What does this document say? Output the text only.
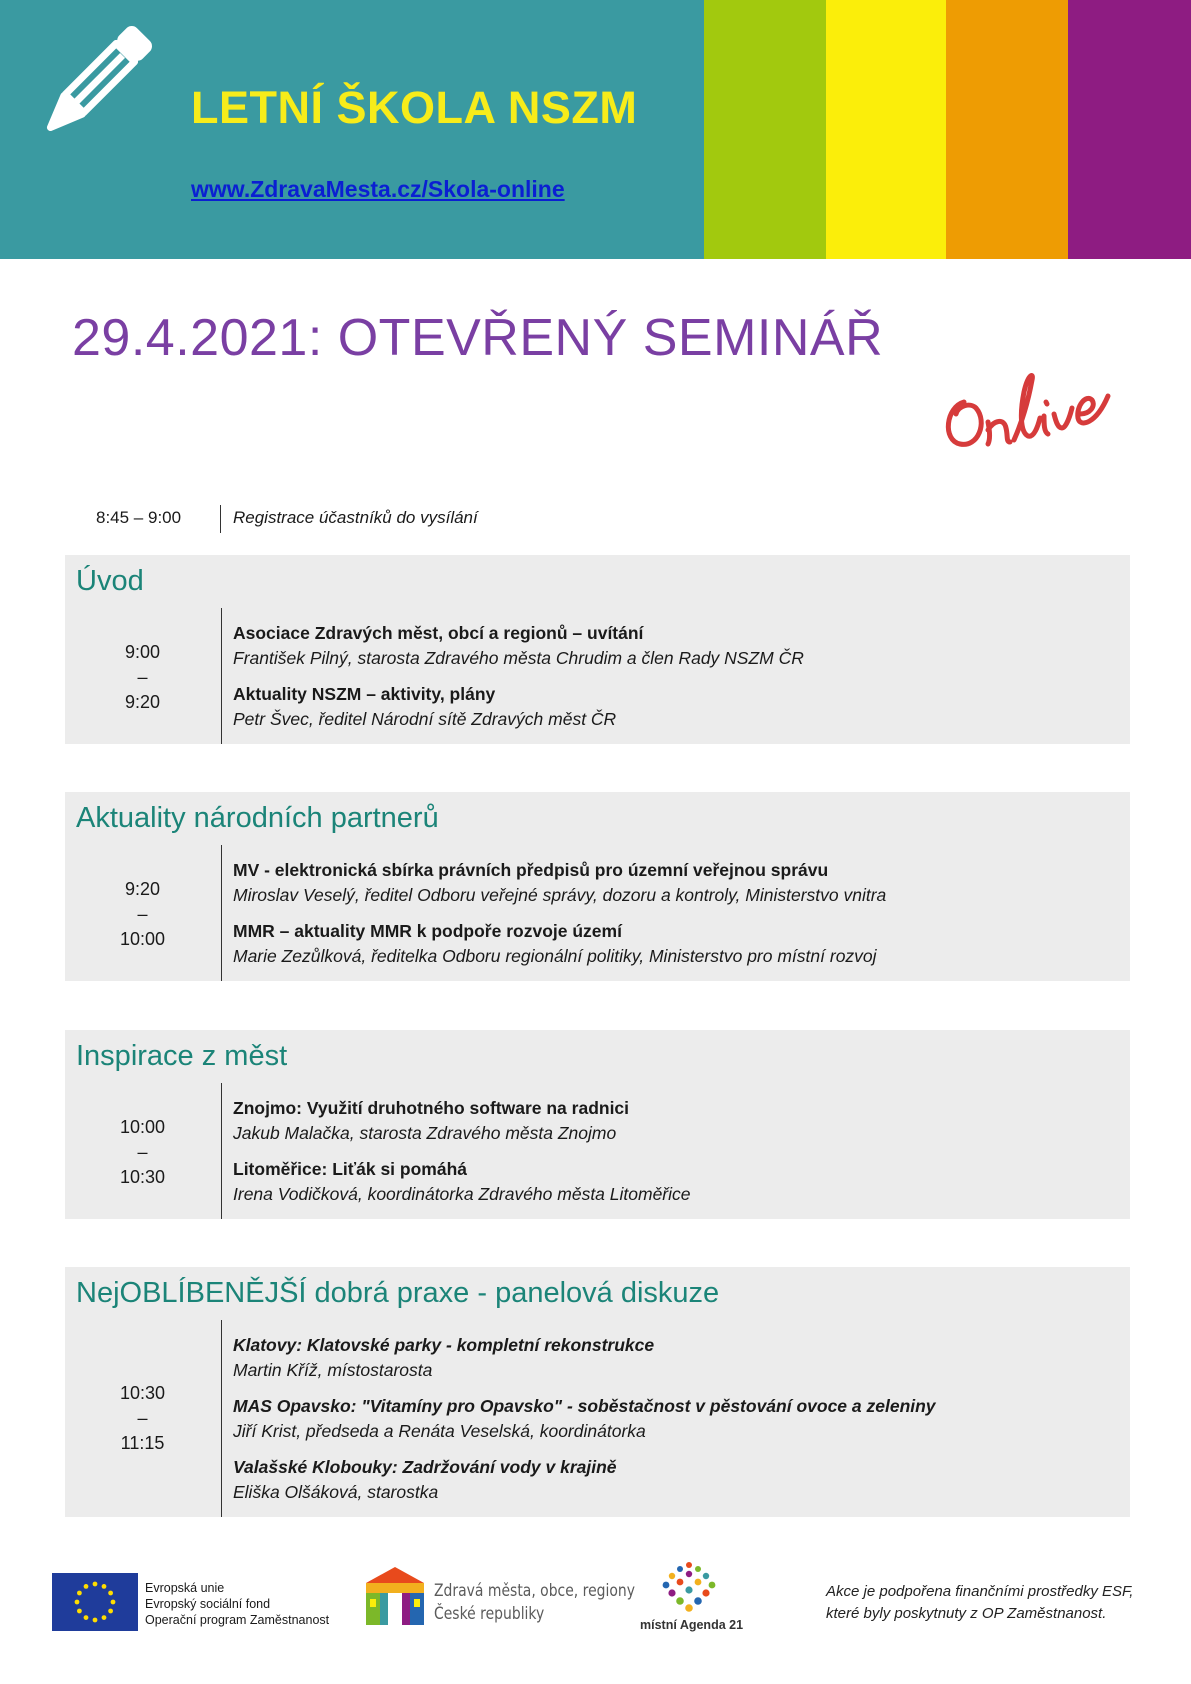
LETNÍ ŠKOLA NSZM
www.ZdravaMesta.cz/Skola-online
29.4.2021: OTEVŘENÝ SEMINÁŘ
8:45 – 9:00	Registrace účastníků do vysílání
Úvod
9:00
–
9:20
Asociace Zdravých měst, obcí a regionů – uvítání
František Pilný, starosta Zdravého města Chrudim a člen Rady NSZM ČR
Aktuality NSZM – aktivity, plány
Petr Švec, ředitel Národní sítě Zdravých měst ČR
Aktuality národních partnerů
9:20
–
10:00
MV - elektronická sbírka právních předpisů pro územní veřejnou správu
Miroslav Veselý, ředitel Odboru veřejné správy, dozoru a kontroly, Ministerstvo vnitra
MMR – aktuality MMR k podpoře rozvoje území
Marie Zezůlková, ředitelka Odboru regionální politiky, Ministerstvo pro místní rozvoj
Inspirace z měst
10:00
–
10:30
Znojmo: Využití druhotného software na radnici
Jakub Malačka, starosta Zdravého města Znojmo
Litoměřice: Liťák si pomáhá
Irena Vodičková, koordinátorka Zdravého města Litoměřice
NejOBLÍBENĚJŠÍ dobrá praxe - panelová diskuze
10:30
–
11:15
Klatovy: Klatovské parky - kompletní rekonstrukce
Martin Kříž, místostarosta
MAS Opavsko: "Vitamíny pro Opavsko" - soběstačnost v pěstování ovoce a zeleniny
Jiří Krist, předseda a Renáta Veselská, koordinátorka
Valašské Klobouky: Zadržování vody v krajině
Eliška Olšáková, starostka
Evropská unie
Evropský sociální fond
Operační program Zaměstnanost
Zdravá města, obce, regiony
České republiky
místní Agenda 21
Akce je podpořena finančními prostředky ESF,
které byly poskytnuty z OP Zaměstnanost.
